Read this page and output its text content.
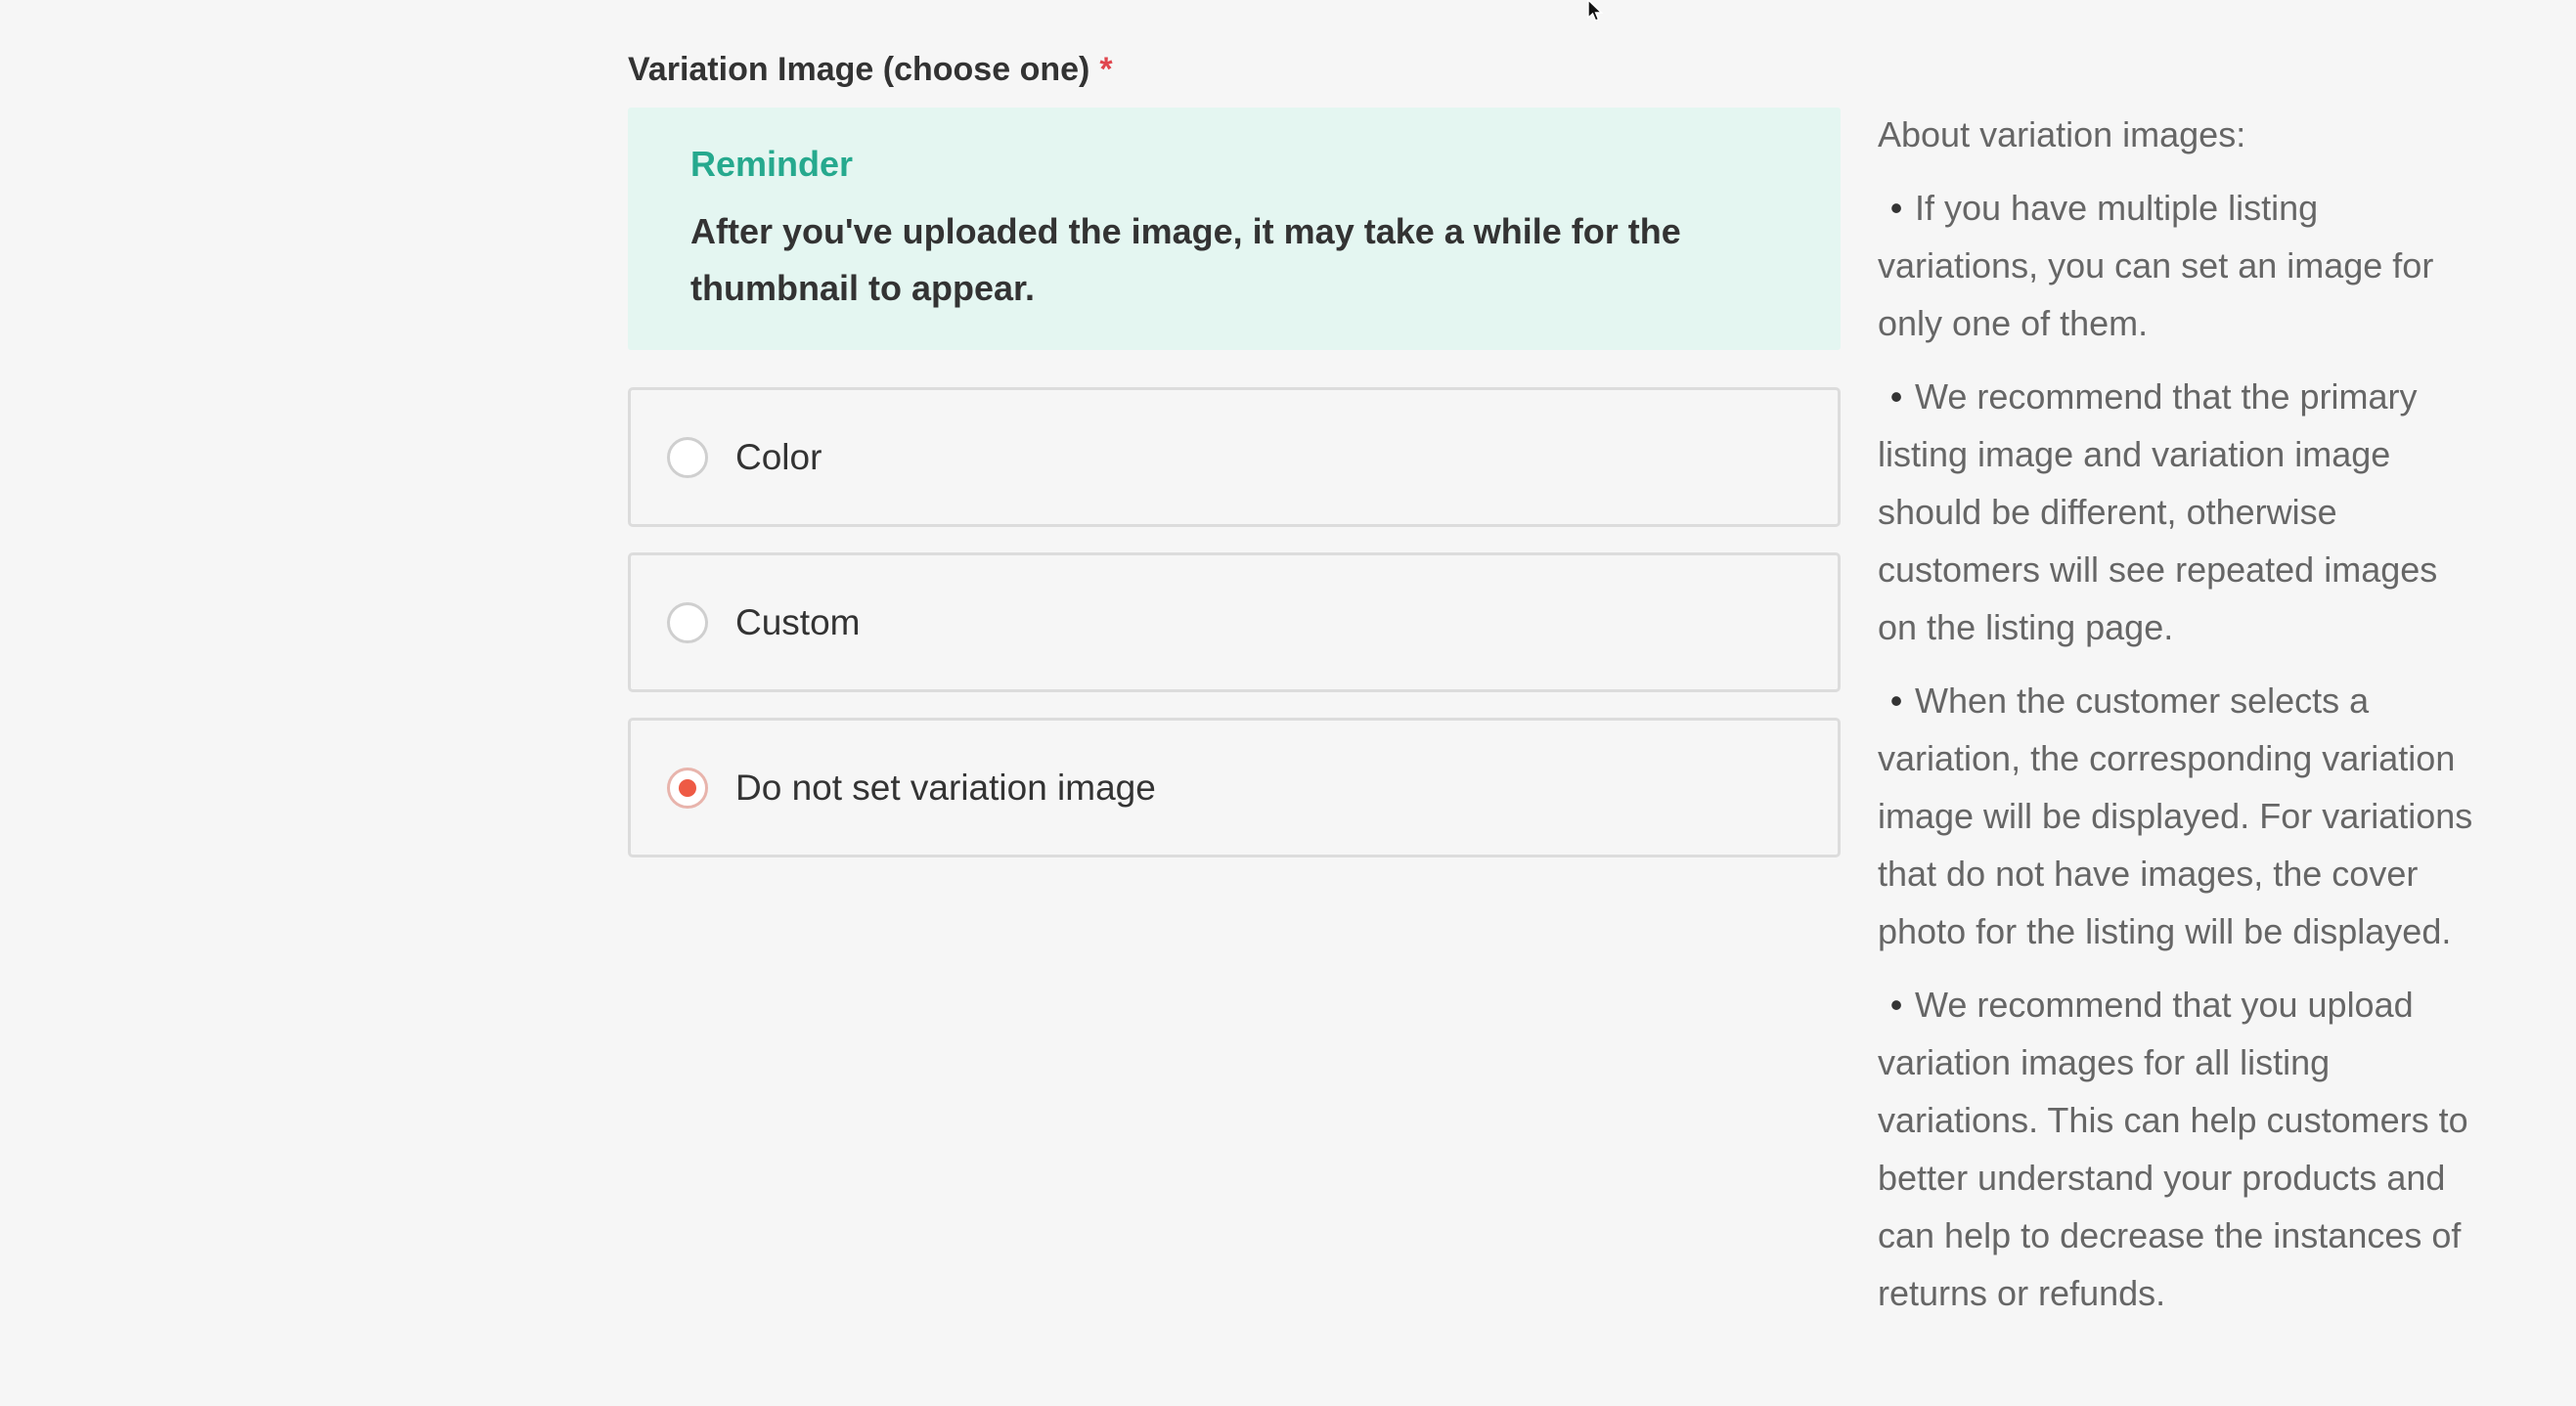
Variation Image (choose one) *
Reminder
After you've uploaded the image, it may take a while for the thumbnail to appear.
Color
Custom
Do not set variation image
About variation images:
• If you have multiple listing variations, you can set an image for only one of them.
• We recommend that the primary listing image and variation image should be different, otherwise customers will see repeated images on the listing page.
• When the customer selects a variation, the corresponding variation image will be displayed. For variations that do not have images, the cover photo for the listing will be displayed.
• We recommend that you upload variation images for all listing variations. This can help customers to better understand your products and can help to decrease the instances of returns or refunds.
